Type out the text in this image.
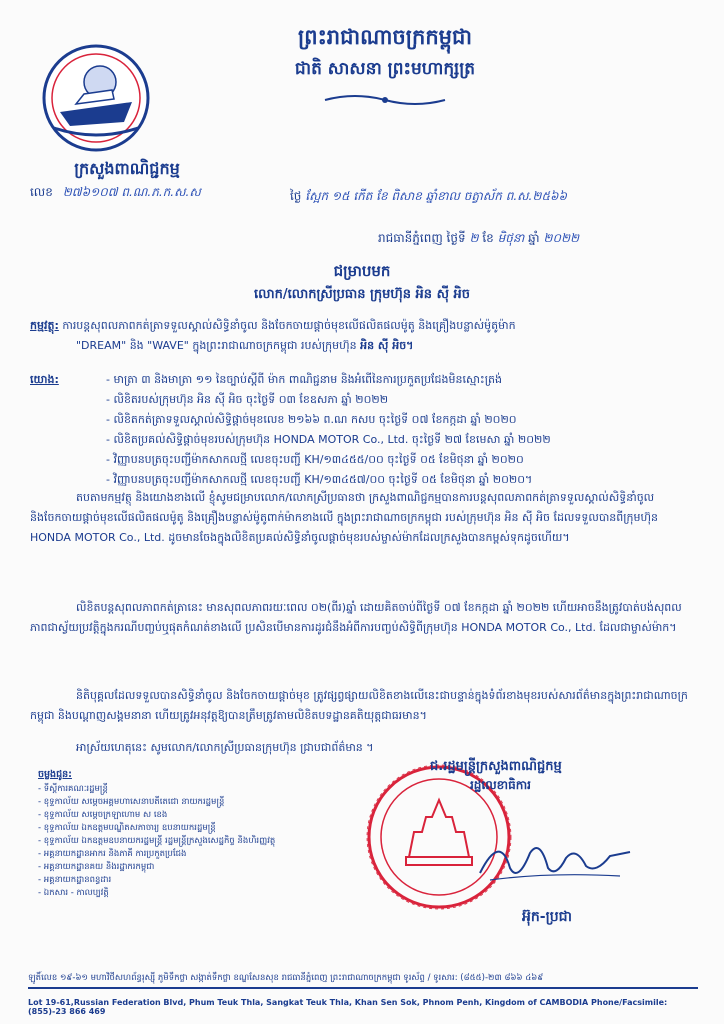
ក្រសួងពាណិជ្ជកម្ម
ព្រះរាជាណាចក្រកម្ពុជា
ជាតិ សាសនា ព្រះមហាក្សត្រ
លេខ ២៧៦១០៧ ព.ណ.ភ.ក.ស.ស	ថ្ងៃ ស្អែក ១៥ កើត ខែ ពិសាខ ឆ្នាំខាល ចត្វាស័ក ព.ស.២៥៦៦
រាជធានីភ្នំពេញ ថ្ងៃទី ២ ខែ មិថុនា ឆ្នាំ ២០២២
ជម្រាបមក
លោក/លោកស្រីប្រធាន ក្រុមហ៊ុន អិន ស៊ី អិច
កម្មវត្ថុ: ការបន្តសុពលភាពកត់ត្រាទទួលស្គាល់សិទ្ធិនាំចូល និងចែកចាយផ្ដាច់មុខលើផលិតផលម៉ូតូ និងគ្រឿងបន្លាស់ម៉ូតូម៉ាក
"DREAM" និង "WAVE" ក្នុងព្រះរាជាណាចក្រកម្ពុជា របស់ក្រុមហ៊ុន អិន ស៊ី អិច។
យោង:
-	មាត្រា ៣ និងមាត្រា ១១ នៃច្បាប់ស្ដីពី ម៉ាក ពាណិជ្ជនាម និងអំពើនៃការប្រកួតប្រជែងមិនស្មោះត្រង់
- លិខិតរបស់ក្រុមហ៊ុន អិន ស៊ី អិច ចុះថ្ងៃទី ០៣ ខែឧសភា ឆ្នាំ ២០២២
- លិខិតកត់ត្រាទទួលស្គាល់សិទ្ធិផ្ដាច់មុខលេខ ២១៦៦ ព.ណ កសប ចុះថ្ងៃទី ០៧ ខែកក្កដា ឆ្នាំ ២០២០
- លិខិតប្រគល់សិទ្ធិផ្ដាច់មុខរបស់ក្រុមហ៊ុន HONDA MOTOR Co., Ltd. ចុះថ្ងៃទី ២៧ ខែមេសា ឆ្នាំ ២០២២
- វិញ្ញាបនបត្រចុះបញ្ជីម៉ាកសាកលថ្មី លេខចុះបញ្ជី KH/១៣៤៥៥/០០ ចុះថ្ងៃទី ០៥ ខែមិថុនា ឆ្នាំ ២០២០
- វិញ្ញាបនបត្រចុះបញ្ជីម៉ាកសាកលថ្មី លេខចុះបញ្ជី KH/១៣៤៥៧/០០ ចុះថ្ងៃទី ០៥ ខែមិថុនា ឆ្នាំ ២០២០។
តបតាមកម្មវត្ថុ និងយោងខាងលើ ខ្ញុំសូមជម្រាបលោក/លោកស្រីប្រធានថា ក្រសួងពាណិជ្ជកម្មបានការបន្តសុពលភាពកត់ត្រាទទួលស្គាល់សិទ្ធិនាំចូល និងចែកចាយផ្ដាច់មុខលើផលិតផលម៉ូតូ និងគ្រឿងបន្លាស់ម៉ូតូពាក់ម៉ាកខាងលើ ក្នុងព្រះរាជាណាចក្រកម្ពុជា របស់ក្រុមហ៊ុន អិន ស៊ី អិច ដែលទទួលបានពីក្រុមហ៊ុន HONDA MOTOR Co., Ltd. ដូចមានចែងក្នុងលិខិតប្រគល់សិទ្ធិនាំចូលផ្ដាច់មុខរបស់ម្ចាស់ម៉ាកដែលក្រសួងបានកម្ពស់ទុកដូចហើយ។
លិខិតបន្តសុពលភាពកត់ត្រានេះ មានសុពលភាពរយៈពេល ០២(ពីរ)ឆ្នាំ ដោយគិតចាប់ពីថ្ងៃទី ០៧ ខែកក្កដា ឆ្នាំ ២០២២ ហើយអាចនឹងត្រូវបាត់បង់សុពលភាពជាស្វ័យប្រវត្តិក្នុងករណីបញ្ចប់ឬផុតកំណត់ខាងលើ ប្រសិនបើមានការដូរជំនឹងអំពីការបញ្ចប់សិទ្ធិពីក្រុមហ៊ុន HONDA MOTOR Co., Ltd. ដែលជាម្ចាស់ម៉ាក។
និតិបុគ្គលដែលទទួលបានសិទ្ធិនាំចូល និងចែកចាយផ្ដាច់មុខ ត្រូវផ្សព្វផ្សាយលិខិតខាងលើនេះជាបន្ទាន់ក្នុងទំព័រខាងមុខរបស់សារព័ត៌មានក្នុងព្រះរាជាណាចក្រកម្ពុជា និងបណ្ដាញសង្គមនានា ហើយត្រូវអនុវត្តឱ្យបានត្រឹមត្រូវតាមលិខិតបទដ្ឋានគតិយុត្តជាធរមាន។
អាស្រ័យហេតុនេះ សូមលោក/លោកស្រីប្រធានក្រុមហ៊ុន ជ្រាបជាព័ត៌មាន ។
ជ.រដ្ឋមន្ត្រីក្រសួងពាណិជ្ជកម្ម
រដ្ឋលេខាធិការ
អ៊ុក-ប្រជា
ចម្លងជូន:
- ទីស្ដីការគណៈរដ្ឋមន្ត្រី
- ខុទ្ទកាល័យ សម្ដេចអគ្គមហាសេនាបតីតេជោ នាយករដ្ឋមន្ត្រី
- ខុទ្ទកាល័យ សម្ដេចក្រឡាហោម ស ខេង
- ខុទ្ទកាល័យ ឯកឧត្តមបណ្ឌិតសភាចារ្យ ឧបនាយករដ្ឋមន្ត្រី
- ខុទ្ទកាល័យ ឯកឧត្តមឧបនាយករដ្ឋមន្ត្រី រដ្ឋមន្ត្រីក្រសួងសេដ្ឋកិច្ច និងហិរញ្ញវត្ថុ
- អគ្គនាយកដ្ឋានអាករ និងភាគី ការប្រកួតប្រជែង
- អគ្គនាយកដ្ឋានគយ និងរដ្ឋាករកម្ពុជា
- អគ្គនាយកដ្ឋានពន្ធដារ
- ឯកសារ - កាលប្បវត្តិ
ឡូតិ៍លេខ ១៩-៦១ មហាវិថីសហព័ន្ធរុស្ស៊ី ភូមិទឹកថ្លា សង្កាត់ទឹកថ្លា ខណ្ឌសែនសុខ រាជធានីភ្នំពេញ ព្រះរាជាណាចក្រកម្ពុជា ទូរស័ព្ទ / ទូរសារ: (៨៥៥)-២៣ ៨៦៦ ៤៦៩
Lot 19-61,Russian Federation Blvd, Phum Teuk Thla, Sangkat Teuk Thla, Khan Sen Sok, Phnom Penh, Kingdom of CAMBODIA Phone/Facsimile: (855)-23 866 469
